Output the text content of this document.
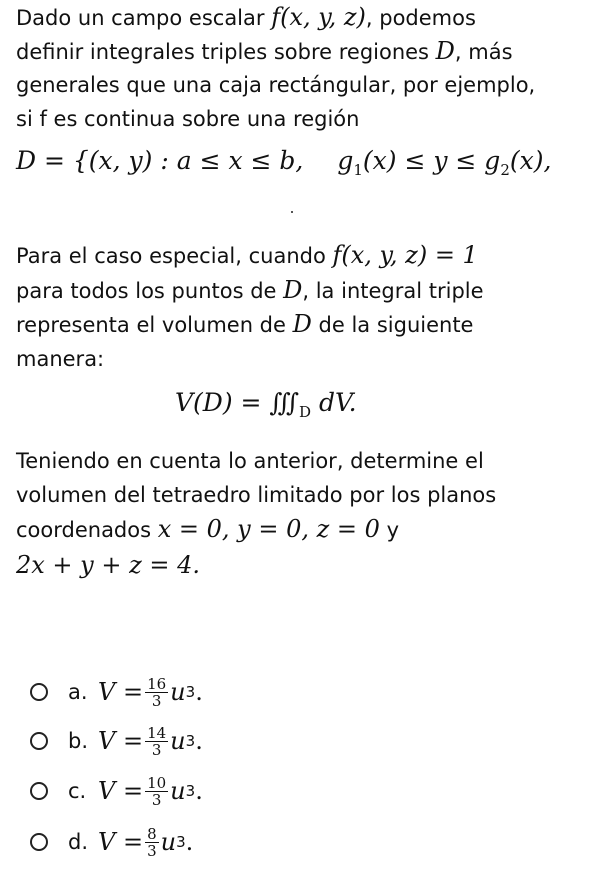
Dado un campo escalar f(x, y, z), podemos
definir integrales triples sobre regiones D, más
generales que una caja rectángular, por ejemplo,
si f es continua sobre una región
D = {(x, y) : a ≤ x ≤ b, $g_1(x) \le y \le g_2(x)$,
Para el caso especial, cuando f(x, y, z) = 1
para todos los puntos de D, la integral triple
representa el volumen de D de la siguiente
manera:
$V(D) = ∭_D$ dV.
Teniendo en cuenta lo anterior, determine el
volumen del tetraedro limitado por los planos
coordenados x = 0, y = 0, z = 0 y
2x + y + z = 4.
a. $V = \frac{16}{3}$ u 3 .
b. $V = \frac{14}{3}$ u 3 .
c. $V = \frac{10}{3}$ u 3 .
d. $V = \frac{8}{3}$ u 3 .
